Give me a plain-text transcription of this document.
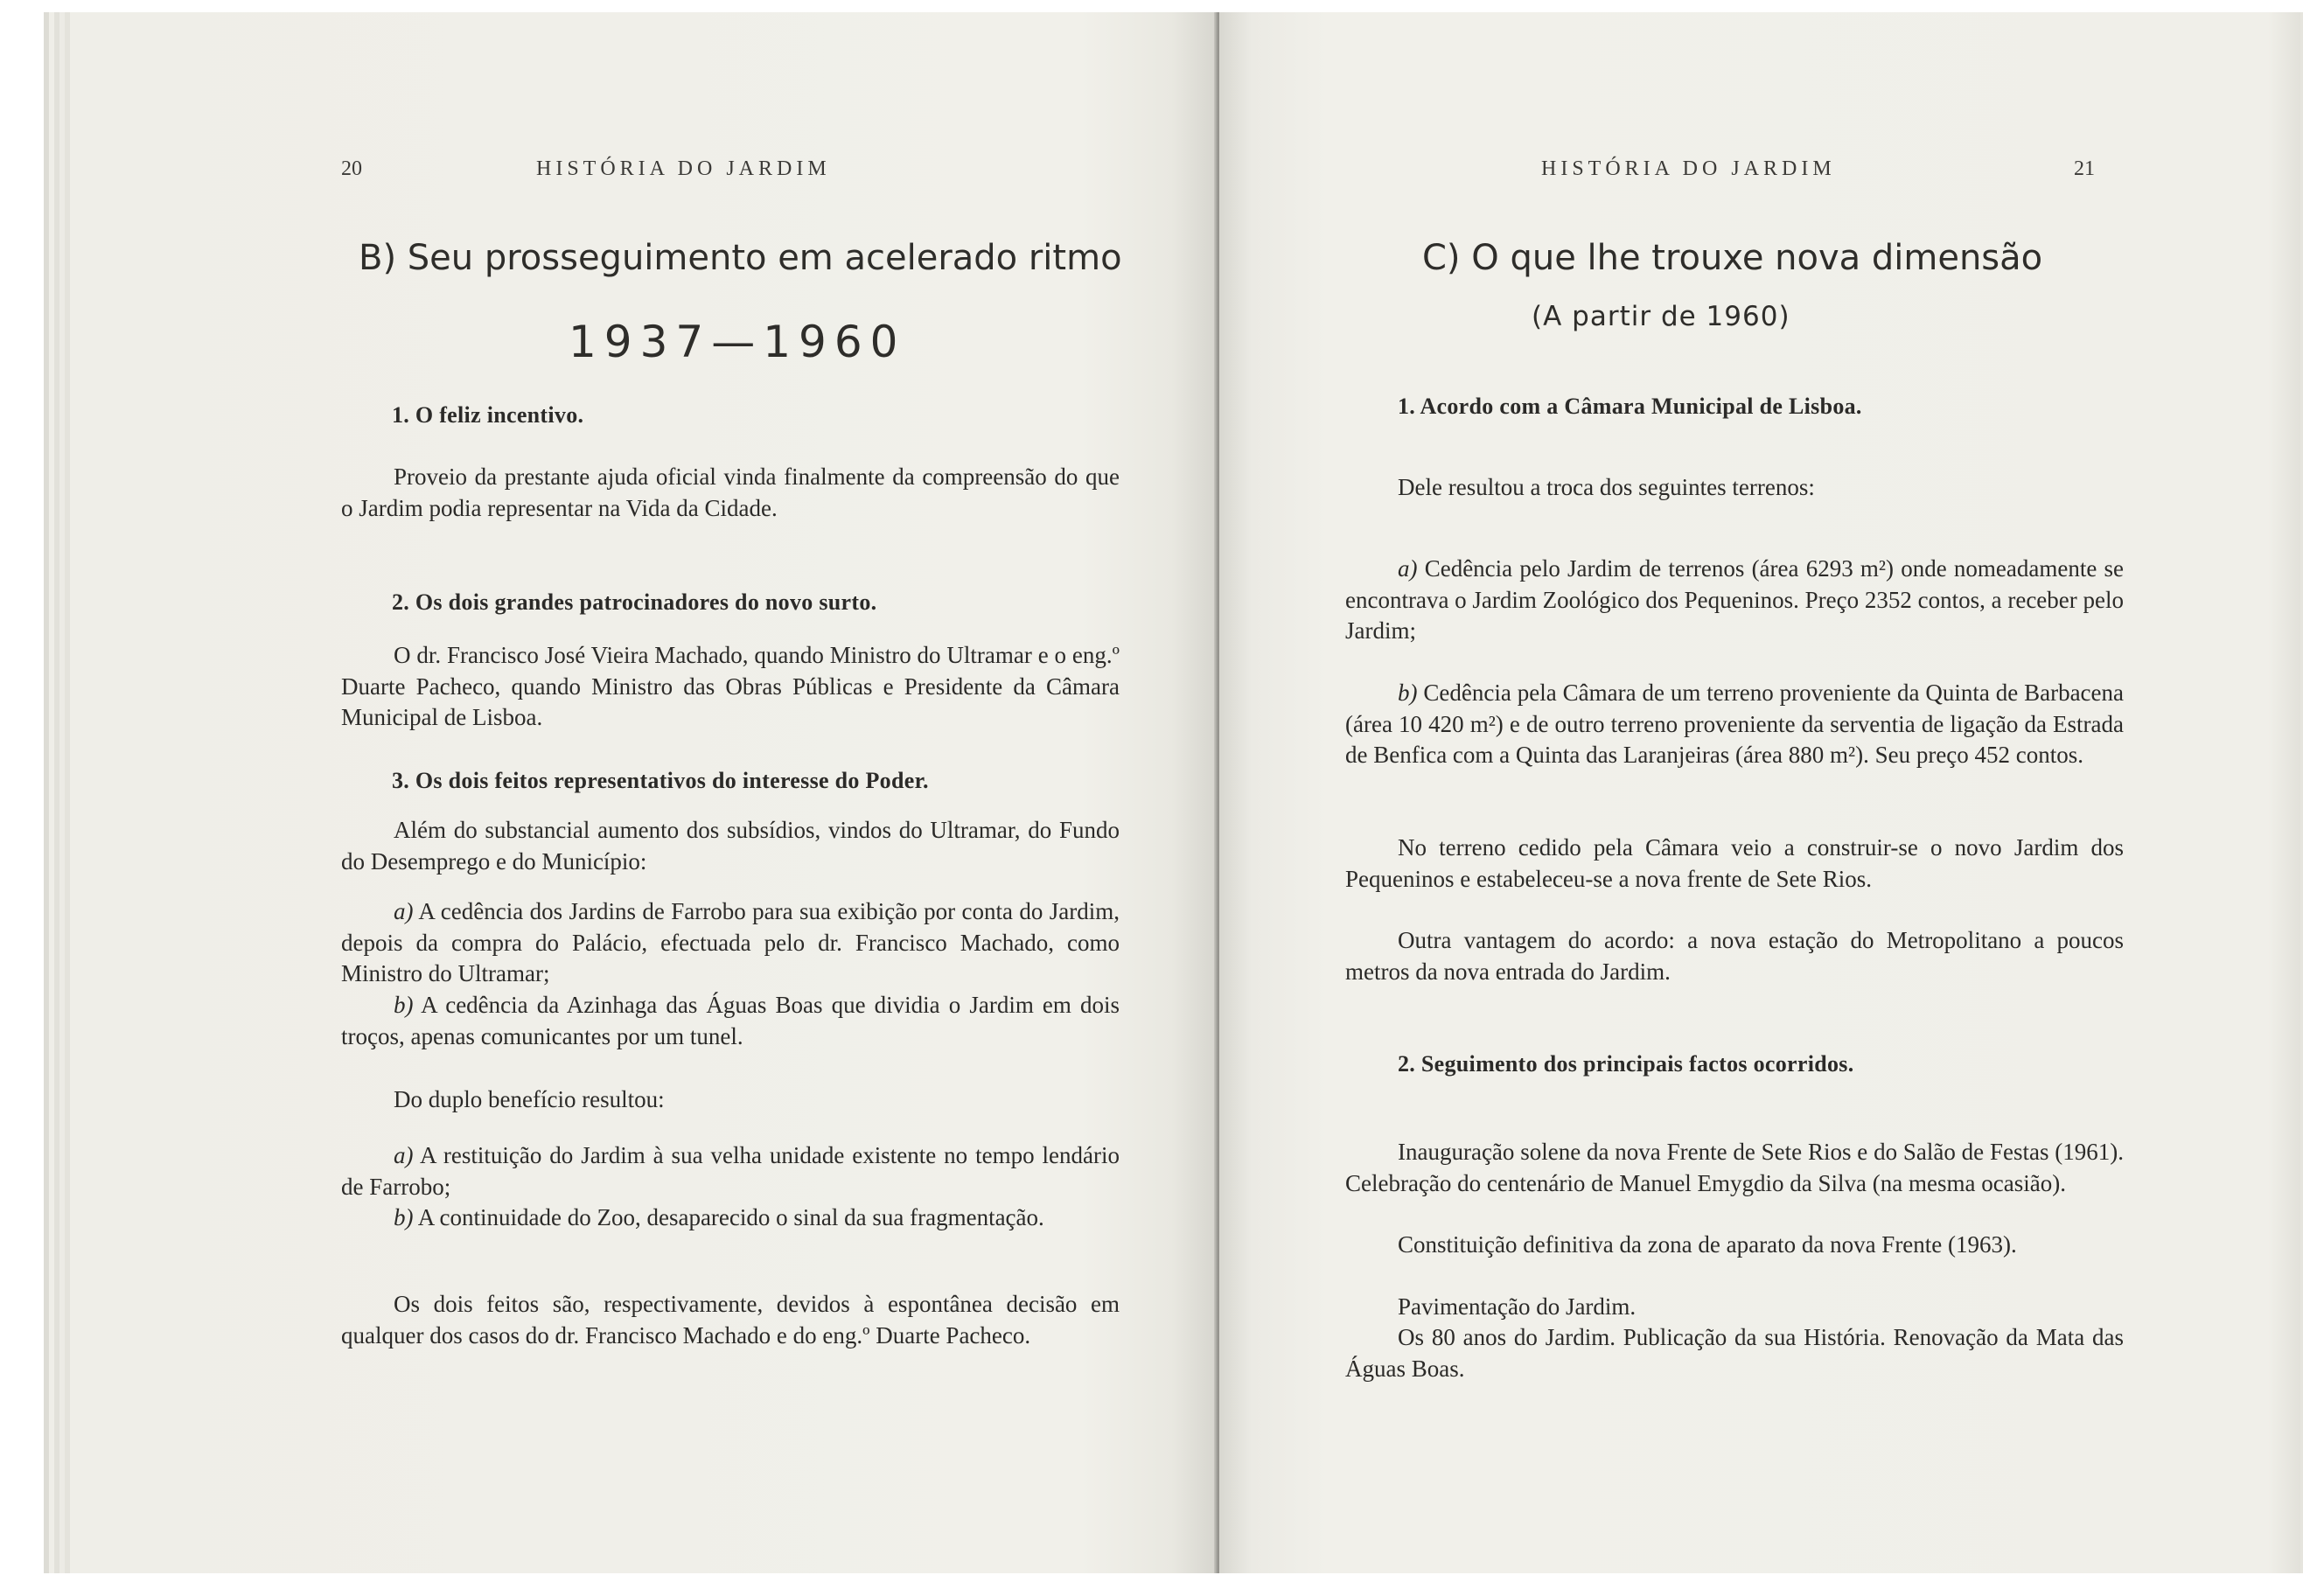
20	HISTÓRIA DO JARDIM
B) Seu prosseguimento em acelerado ritmo
1937—1960
1. O feliz incentivo.

Proveio da prestante ajuda oficial vinda finalmente da compreensão do que o Jardim podia representar na Vida da Cidade.

2. Os dois grandes patrocinadores do novo surto.

O dr. Francisco José Vieira Machado, quando Ministro do Ultramar e o eng.º Duarte Pacheco, quando Ministro das Obras Públicas e Presidente da Câmara Municipal de Lisboa.

3. Os dois feitos representativos do interesse do Poder.

Além do substancial aumento dos subsídios, vindos do Ultramar, do Fundo do Desemprego e do Município:

a) A cedência dos Jardins de Farrobo para sua exibição por conta do Jardim, depois da compra do Palácio, efectuada pelo dr. Francisco Machado, como Ministro do Ultramar;

b) A cedência da Azinhaga das Águas Boas que dividia o Jardim em dois troços, apenas comunicantes por um tunel.

Do duplo benefício resultou:

a) A restituição do Jardim à sua velha unidade existente no tempo lendário de Farrobo;

b) A continuidade do Zoo, desaparecido o sinal da sua fragmentação.

Os dois feitos são, respectivamente, devidos à espontânea decisão em qualquer dos casos do dr. Francisco Machado e do eng.º Duarte Pacheco.

HISTÓRIA DO JARDIM	21
C) O que lhe trouxe nova dimensão
(A partir de 1960)
1. Acordo com a Câmara Municipal de Lisboa.

Dele resultou a troca dos seguintes terrenos:

a) Cedência pelo Jardim de terrenos (área 6293 m²) onde nomeadamente se encontrava o Jardim Zoológico dos Pequeninos. Preço 2352 contos, a receber pelo Jardim;

b) Cedência pela Câmara de um terreno proveniente da Quinta de Barbacena (área 10 420 m²) e de outro terreno proveniente da serventia de ligação da Estrada de Benfica com a Quinta das Laranjeiras (área 880 m²). Seu preço 452 contos.

No terreno cedido pela Câmara veio a construir-se o novo Jardim dos Pequeninos e estabeleceu-se a nova frente de Sete Rios.

Outra vantagem do acordo: a nova estação do Metropolitano a poucos metros da nova entrada do Jardim.

2. Seguimento dos principais factos ocorridos.

Inauguração solene da nova Frente de Sete Rios e do Salão de Festas (1961). Celebração do centenário de Manuel Emygdio da Silva (na mesma ocasião).

Constituição definitiva da zona de aparato da nova Frente (1963).

Pavimentação do Jardim.

Os 80 anos do Jardim. Publicação da sua História. Renovação da Mata das Águas Boas.
